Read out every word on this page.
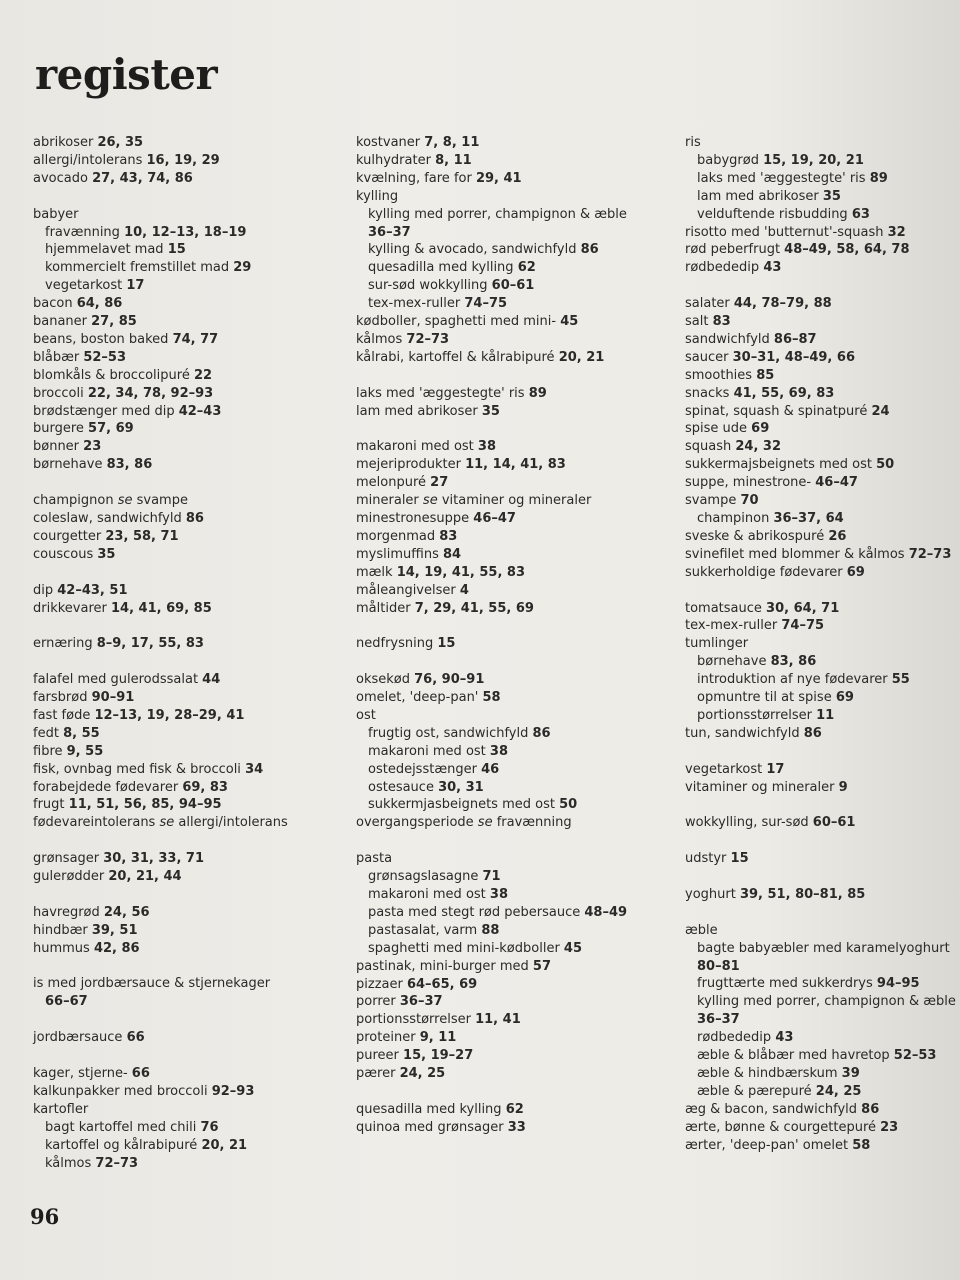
register
abrikoser 26, 35
allergi/intolerans 16, 19, 29
avocado 27, 43, 74, 86
babyer
fravænning 10, 12–13, 18–19
hjemmelavet mad 15
kommercielt fremstillet mad 29
vegetarkost 17
bacon 64, 86
bananer 27, 85
beans, boston baked 74, 77
blåbær 52–53
blomkåls & broccolipuré 22
broccoli 22, 34, 78, 92–93
brødstænger med dip 42–43
burgere 57, 69
bønner 23
børnehave 83, 86
champignon se svampe
coleslaw, sandwichfyld 86
courgetter 23, 58, 71
couscous 35
dip 42–43, 51
drikkevarer 14, 41, 69, 85
ernæring 8–9, 17, 55, 83
falafel med gulerodssalat 44
farsbrød 90–91
fast føde 12–13, 19, 28–29, 41
fedt 8, 55
fibre 9, 55
fisk, ovnbag med fisk & broccoli 34
forabejdede fødevarer 69, 83
frugt 11, 51, 56, 85, 94–95
fødevareintolerans se allergi/intolerans
grønsager 30, 31, 33, 71
gulerødder 20, 21, 44
havregrød 24, 56
hindbær 39, 51
hummus 42, 86
is med jordbærsauce & stjernekager
66–67
jordbærsauce 66
kager, stjerne- 66
kalkunpakker med broccoli 92–93
kartofler
bagt kartoffel med chili 76
kartoffel og kålrabipuré 20, 21
kålmos 72–73
kostvaner 7, 8, 11
kulhydrater 8, 11
kvælning, fare for 29, 41
kylling
kylling med porrer, champignon & æble
36–37
kylling & avocado, sandwichfyld 86
quesadilla med kylling 62
sur-sød wokkylling 60–61
tex-mex-ruller 74–75
kødboller, spaghetti med mini- 45
kålmos 72–73
kålrabi, kartoffel & kålrabipuré 20, 21
laks med 'æggestegte' ris 89
lam med abrikoser 35
makaroni med ost 38
mejeriprodukter 11, 14, 41, 83
melonpuré 27
mineraler se vitaminer og mineraler
minestronesuppe 46–47
morgenmad 83
myslimuffins 84
mælk 14, 19, 41, 55, 83
måleangivelser 4
måltider 7, 29, 41, 55, 69
nedfrysning 15
oksekød 76, 90–91
omelet, 'deep-pan' 58
ost
frugtig ost, sandwichfyld 86
makaroni med ost 38
ostedejsstænger 46
ostesauce 30, 31
sukkermjasbeignets med ost 50
overgangsperiode se fravænning
pasta
grønsagslasagne 71
makaroni med ost 38
pasta med stegt rød pebersauce 48–49
pastasalat, varm 88
spaghetti med mini-kødboller 45
pastinak, mini-burger med 57
pizzaer 64–65, 69
porrer 36–37
portionsstørrelser 11, 41
proteiner 9, 11
pureer 15, 19–27
pærer 24, 25
quesadilla med kylling 62
quinoa med grønsager 33
ris
babygrød 15, 19, 20, 21
laks med 'æggestegte' ris 89
lam med abrikoser 35
velduftende risbudding 63
risotto med 'butternut'-squash 32
rød peberfrugt 48–49, 58, 64, 78
rødbededip 43
salater 44, 78–79, 88
salt 83
sandwichfyld 86–87
saucer 30–31, 48–49, 66
smoothies 85
snacks 41, 55, 69, 83
spinat, squash & spinatpuré 24
spise ude 69
squash 24, 32
sukkermajsbeignets med ost 50
suppe, minestrone- 46–47
svampe 70
champinon 36–37, 64
sveske & abrikospuré 26
svinefilet med blommer & kålmos 72–73
sukkerholdige fødevarer 69
tomatsauce 30, 64, 71
tex-mex-ruller 74–75
tumlinger
børnehave 83, 86
introduktion af nye fødevarer 55
opmuntre til at spise 69
portionsstørrelser 11
tun, sandwichfyld 86
vegetarkost 17
vitaminer og mineraler 9
wokkylling, sur-sød 60–61
udstyr 15
yoghurt 39, 51, 80–81, 85
æble
bagte babyæbler med karamelyoghurt
80–81
frugttærte med sukkerdrys 94–95
kylling med porrer, champignon & æble
36–37
rødbededip 43
æble & blåbær med havretop 52–53
æble & hindbærskum 39
æble & pærepuré 24, 25
æg & bacon, sandwichfyld 86
ærte, bønne & courgettepuré 23
ærter, 'deep-pan' omelet 58
96
